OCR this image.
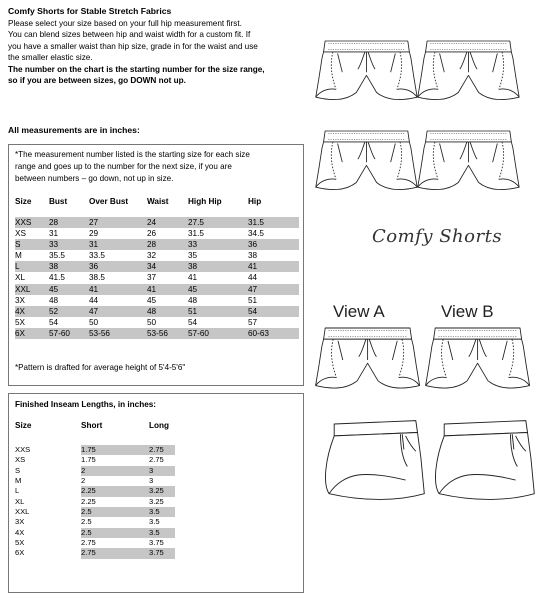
Comfy Shorts for Stable Stretch Fabrics

Please select your size based on your full hip measurement first.

You can blend sizes between hip and waist width for a custom fit. If

you have a smaller waist than hip size, grade in for the waist and use

the smaller elastic size.

The number on the chart is the starting number for the size range,

so if you are between sizes, go DOWN not up.

All measurements are in inches:
*The measurement number listed is the starting size for each size
range and goes up to the number for the next size, if you are
between numbers – go down, not up in size.
Size	Bust	Over Bust	Waist	High Hip	Hip
XXS	28	27	24	27.5	31.5
XS	31	29	26	31.5	34.5
S	33	31	28	33	36
M	35.5	33.5	32	35	38
L	38	36	34	38	41
XL	41.5	38.5	37	41	44
XXL	45	41	41	45	47
3X	48	44	45	48	51
4X	52	47	48	51	54
5X	54	50	50	54	57
6X	57-60	53-56	53-56	57-60	60-63
*Pattern is drafted for average height of 5'4-5'6"
Finished Inseam Lengths, in inches:
Size	Short	Long
XXS	1.75	2.75
XS	1.75	2.75
S	2	3
M	2	3
L	2.25	3.25
XL	2.25	3.25
XXL	2.5	3.5
3X	2.5	3.5
4X	2.5	3.5
5X	2.75	3.75
6X	2.75	3.75
Comfy Shorts
View A	View B
